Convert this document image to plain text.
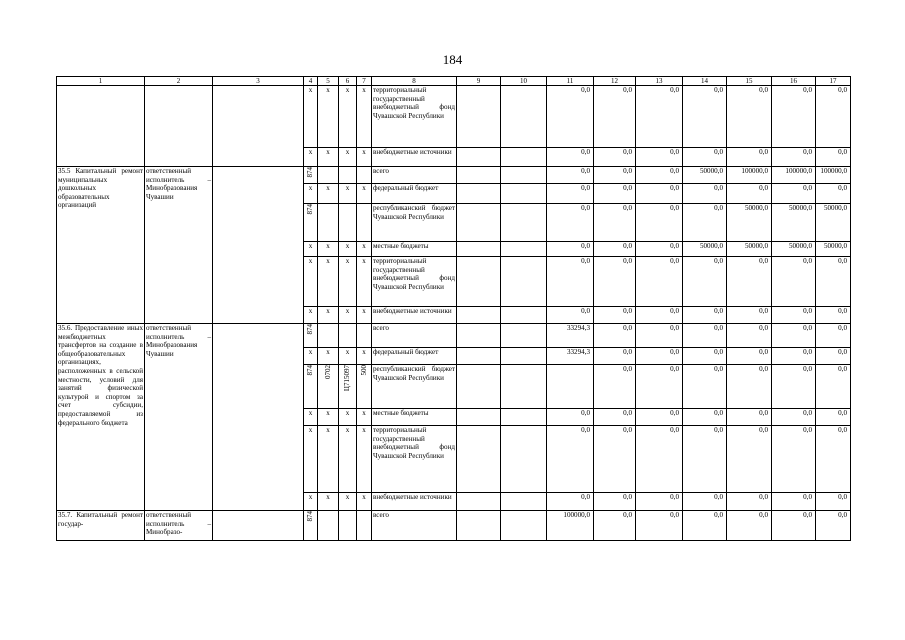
184
1	2	3	4	5	6	7	8	9	10	11	12	13	14	15	16	17
			х	х	х	х	территориальный государственный внебюджетный фонд Чувашской Республики			0,0	0,0	0,0	0,0	0,0	0,0	0,0
			х	х	х	х	внебюджетные источники			0,0	0,0	0,0	0,0	0,0	0,0	0,0
35.5 Капитальный ремонт муниципальных дошкольных образовательных организаций	ответственный исполнитель – Минобразования Чувашии		874				всего			0,0	0,0	0,0	50000,0	100000,0	100000,0	100000,0
			х	х	х	х	федеральный бюджет			0,0	0,0	0,0	0,0	0,0	0,0	0,0
			874				республиканский бюджет Чувашской Республики			0,0	0,0	0,0	0,0	50000,0	50000,0	50000,0
			х	х	х	х	местные бюджеты			0,0	0,0	0,0	50000,0	50000,0	50000,0	50000,0
			х	х	х	х	территориальный государственный внебюджетный фонд Чувашской Республики			0,0	0,0	0,0	0,0	0,0	0,0	0,0
			х	х	х	х	внебюджетные источники			0,0	0,0	0,0	0,0	0,0	0,0	0,0
35.6. Предоставление иных межбюджетных трансфертов на создание в общеобразовательных организациях, расположенных в сельской местности, условий для занятий физической культурой и спортом за счет субсидии, предоставляемой из федерального бюджета	ответственный исполнитель – Минобразования Чувашии		874				всего			33294,3	0,0	0,0	0,0	0,0	0,0	0,0
			х	х	х	х	федеральный бюджет			33294,3	0,0	0,0	0,0	0,0	0,0	0,0
			874	0702	Ц715097	500	республиканский бюджет Чувашской Республики				0,0	0,0	0,0	0,0	0,0	0,0
			х	х	х	х	местные бюджеты			0,0	0,0	0,0	0,0	0,0	0,0	0,0
			х	х	х	х	территориальный государственный внебюджетный фонд Чувашской Республики			0,0	0,0	0,0	0,0	0,0	0,0	0,0
			х	х	х	х	внебюджетные источники			0,0	0,0	0,0	0,0	0,0	0,0	0,0
35.7. Капитальный ремонт государ-	ответственный исполнитель – Минобразо-		874				всего			100000,0	0,0	0,0	0,0	0,0	0,0	0,0
